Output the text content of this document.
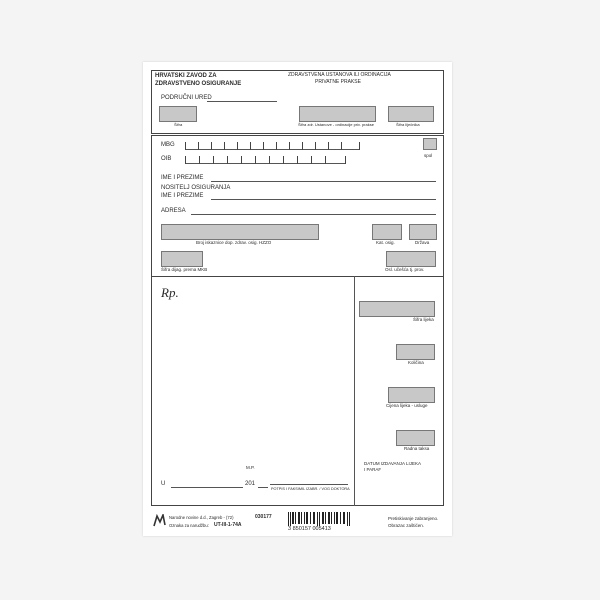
HRVATSKI ZAVOD ZA
ZDRAVSTVENO OSIGURANJE
ZDRAVSTVENA USTANOVA ILI ORDINACIJA
PRIVATNE PRAKSE
PODRUČNI URED
Šifra	Šifra zdr. Ustanove - ordinacije priv. prakse	Šifra liječnika
MBG
OIB
spol
IME I PREZIME
NOSITELJ OSIGURANJA
IME I PREZIME
ADRESA
Broj iskaznice dop. zdrav. osig. HZZO	Kat. osig.	Država
Šifra dijag. prema MKB	Osl. učešća tj. prov.
Rp.
M.P.
U	201
POTPIS I FAKSIMIL IZABR. / VOG DOKTORA
Šifra lijeka
Količina
Cijena lijeka - usluge
Radna taksa
DATUM IZDAVANJA LIJEKA
I PARAF
Narodne novine d.d., Zagreb - (72)	030177
Oznaka za narudžbu: UT-III-1-74A
3 850157 005413
Pretiskivanje zabranjeno.
Obrazac zaštićen.
